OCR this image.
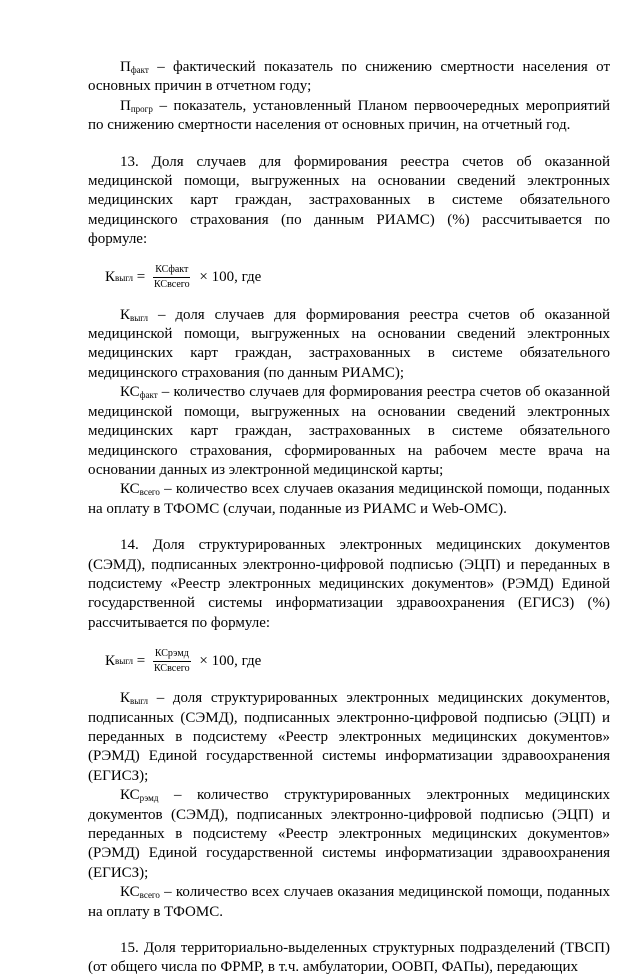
$П_{факт}$ – фактический показатель по снижению смертности населения от основных причин в отчетном году;

$П_{прогр}$ – показатель, установленный Планом первоочередных мероприятий по снижению смертности населения от основных причин, на отчетный год.

13. Доля случаев для формирования реестра счетов об оказанной медицинской помощи, выгруженных на основании сведений электронных медицинских карт граждан, застрахованных в системе обязательного медицинского страхования (по данным РИАМС) (%) рассчитывается по формуле:

К выгл = $\frac{\text{КСфакт}}{\text{КСвсего}} \times 100$, где

$К_{выгл}$ – доля случаев для формирования реестра счетов об оказанной медицинской помощи, выгруженных на основании сведений электронных медицинских карт граждан, застрахованных в системе обязательного медицинского страхования (по данным РИАМС);

$КС_{факт}$ – количество случаев для формирования реестра счетов об оказанной медицинской помощи, выгруженных на основании сведений электронных медицинских карт граждан, застрахованных в системе обязательного медицинского страхования, сформированных на рабочем месте врача на основании данных из электронной медицинской карты;

$КС_{всего}$ – количество всех случаев оказания медицинской помощи, поданных на оплату в ТФОМС (случаи, поданные из РИАМС и Web-ОМС).

14. Доля структурированных электронных медицинских документов (СЭМД), подписанных электронно-цифровой подписью (ЭЦП) и переданных в подсистему «Реестр электронных медицинских документов» (РЭМД) Единой государственной системы информатизации здравоохранения (ЕГИСЗ) (%) рассчитывается по формуле:

К выгл = $\frac{\text{КСрэмд}}{\text{КСвсего}} \times 100$, где

$К_{выгл}$ – доля структурированных электронных медицинских документов, подписанных (СЭМД), подписанных электронно-цифровой подписью (ЭЦП) и переданных в подсистему «Реестр электронных медицинских документов» (РЭМД) Единой государственной системы информатизации здравоохранения (ЕГИСЗ);

$КС_{рэмд}$ – количество структурированных электронных медицинских документов (СЭМД), подписанных электронно-цифровой подписью (ЭЦП) и переданных в подсистему «Реестр электронных медицинских документов» (РЭМД) Единой государственной системы информатизации здравоохранения (ЕГИСЗ);

$КС_{всего}$ – количество всех случаев оказания медицинской помощи, поданных на оплату в ТФОМС.

15. Доля территориально-выделенных структурных подразделений (ТВСП) (от общего числа по ФРМР, в т.ч. амбулатории, ООВП, ФАПы), передающих
